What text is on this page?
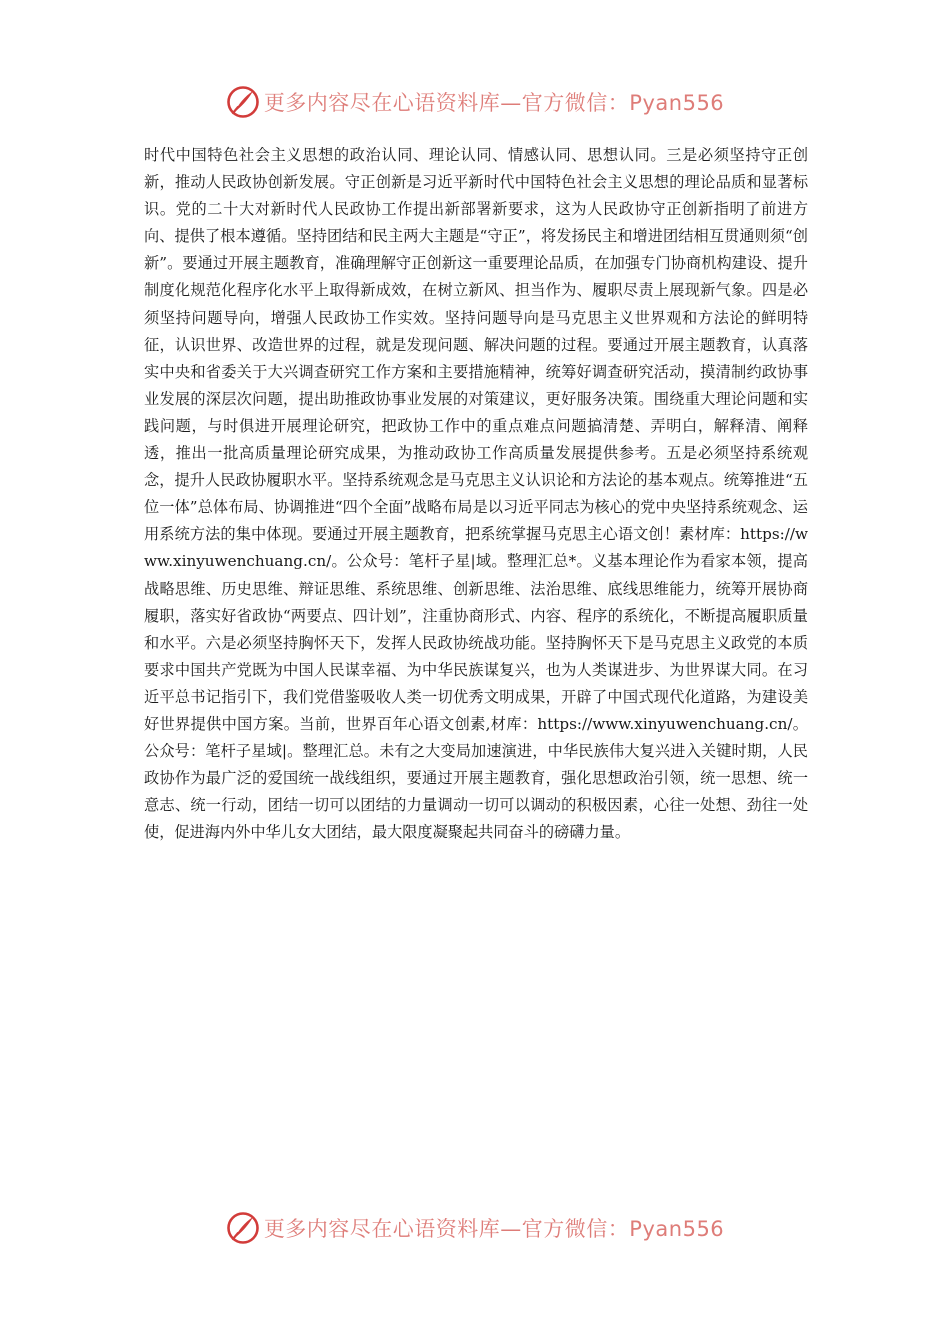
更多内容尽在心语资料库—官方微信：Pyan556

时代中国特色社会主义思想的政治认同、理论认同、情感认同、思想认同。三是必须坚持守正创新，推动人民政协创新发展。守正创新是习近平新时代中国特色社会主义思想的理论品质和显著标识。党的二十大对新时代人民政协工作提出新部署新要求，这为人民政协守正创新指明了前进方向、提供了根本遵循。坚持团结和民主两大主题是“守正”，将发扬民主和增进团结相互贯通则须“创新”。要通过开展主题教育，准确理解守正创新这一重要理论品质，在加强专门协商机构建设、提升制度化规范化程序化水平上取得新成效，在树立新风、担当作为、履职尽责上展现新气象。四是必须坚持问题导向，增强人民政协工作实效。坚持问题导向是马克思主义世界观和方法论的鲜明特征，认识世界、改造世界的过程，就是发现问题、解决问题的过程。要通过开展主题教育，认真落实中央和省委关于大兴调查研究工作方案和主要措施精神，统筹好调查研究活动，摸清制约政协事业发展的深层次问题，提出助推政协事业发展的对策建议，更好服务决策。围绕重大理论问题和实践问题，与时俱进开展理论研究，把政协工作中的重点难点问题搞清楚、弄明白，解释清、阐释透，推出一批高质量理论研究成果，为推动政协工作高质量发展提供参考。五是必须坚持系统观念，提升人民政协履职水平。坚持系统观念是马克思主义认识论和方法论的基本观点。统筹推进“五位一体”总体布局、协调推进“四个全面”战略布局是以习近平同志为核心的党中央坚持系统观念、运用系统方法的集中体现。要通过开展主题教育，把系统掌握马克思主心语文创！素材库：https://www.xinyuwenchuang.cn/。公众号：笔杆子星|域。整理汇总*。义基本理论作为看家本领，提高战略思维、历史思维、辩证思维、系统思维、创新思维、法治思维、底线思维能力，统筹开展协商履职，落实好省政协“两要点、四计划”，注重协商形式、内容、程序的系统化，不断提高履职质量和水平。六是必须坚持胸怀天下，发挥人民政协统战功能。坚持胸怀天下是马克思主义政党的本质要求中国共产党既为中国人民谋幸福、为中华民族谋复兴，也为人类谋进步、为世界谋大同。在习近平总书记指引下，我们党借鉴吸收人类一切优秀文明成果，开辟了中国式现代化道路，为建设美好世界提供中国方案。当前，世界百年心语文创素,材库：https://www.xinyuwenchuang.cn/。公众号：笔杆子星域|。整理汇总。未有之大变局加速演进，中华民族伟大复兴进入关键时期，人民政协作为最广泛的爱国统一战线组织，要通过开展主题教育，强化思想政治引领，统一思想、统一意志、统一行动，团结一切可以团结的力量调动一切可以调动的积极因素，心往一处想、劲往一处使，促进海内外中华儿女大团结，最大限度凝聚起共同奋斗的磅礴力量。

更多内容尽在心语资料库—官方微信：Pyan556
